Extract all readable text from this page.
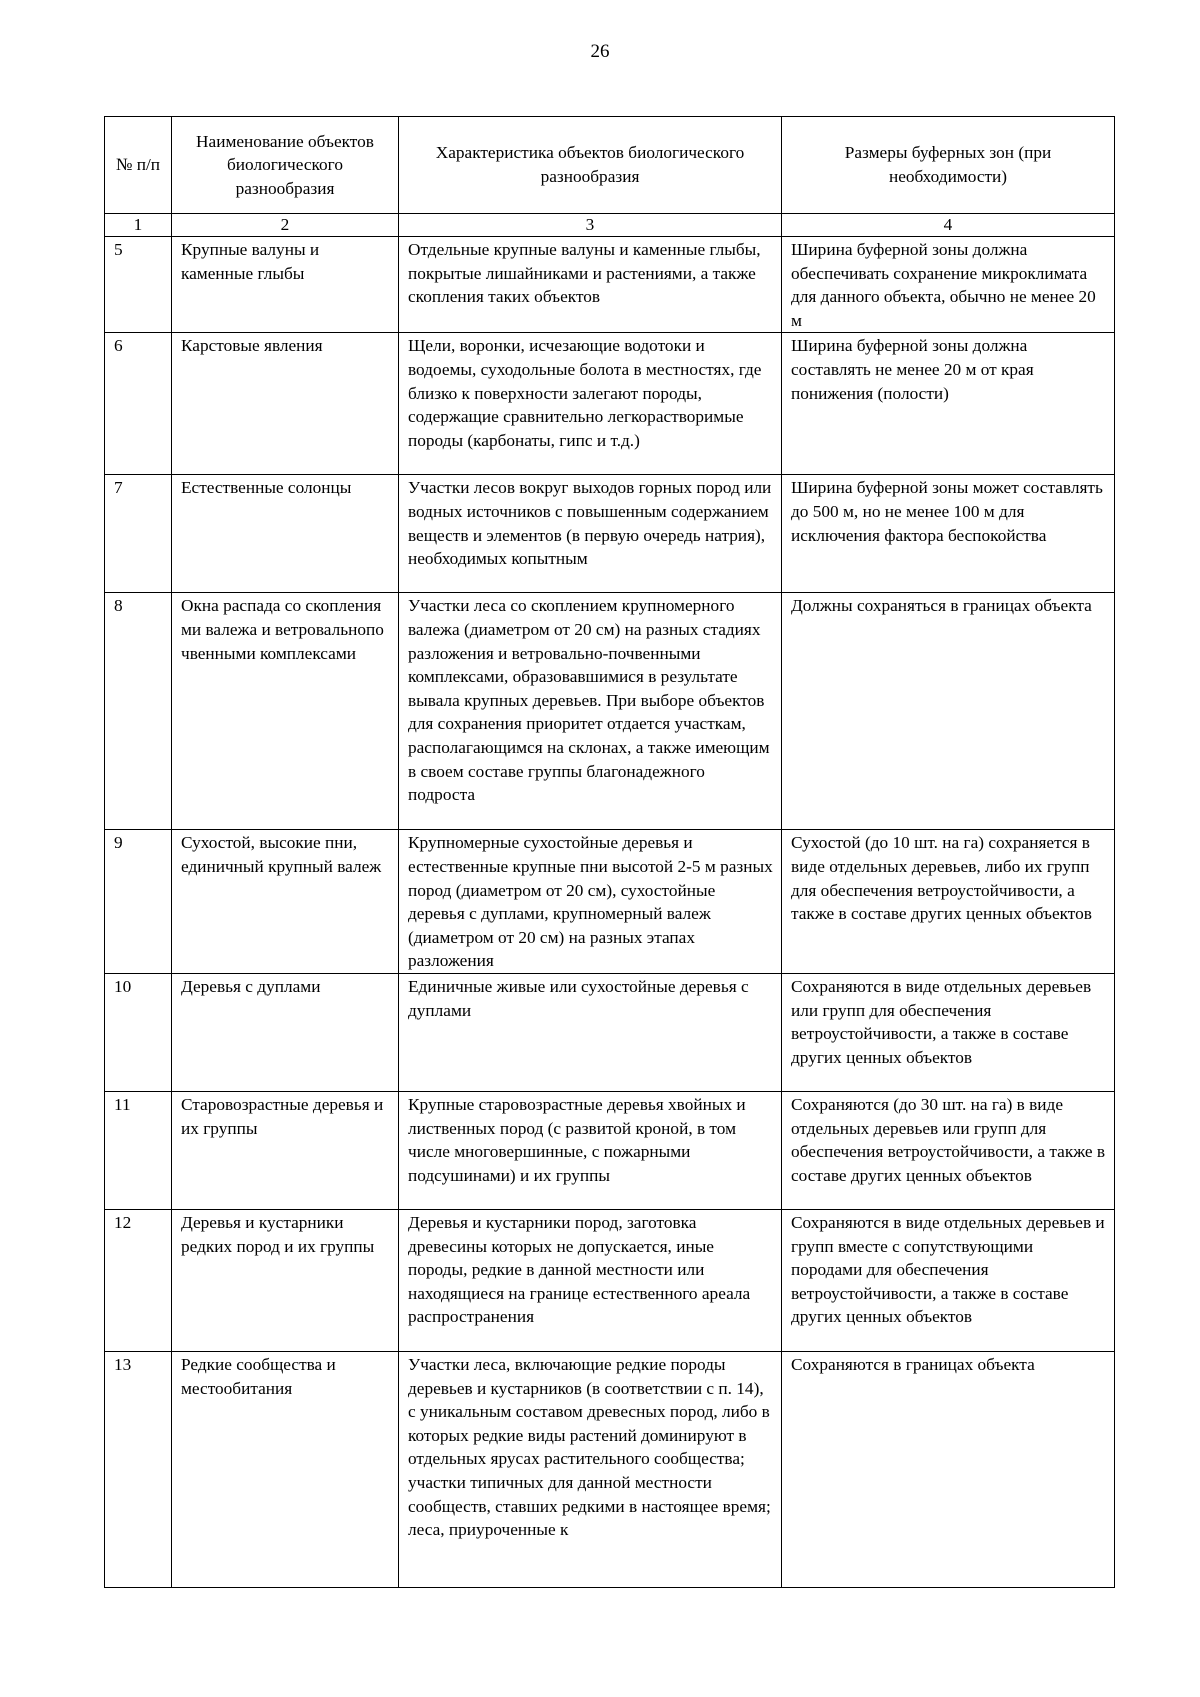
26
№ п/п	Наименование объектов биологического разнообразия	Характеристика объектов биологического разнообразия	Размеры буферных зон (при необходимости)
1	2	3	4
5	Крупные валуны и каменные глыбы	Отдельные крупные валуны и каменные глыбы, покрытые лишайниками и растениями, а также скопления таких объектов	Ширина буферной зоны должна обеспечивать сохранение микроклимата для данного объекта, обычно не менее 20 м
6	Карстовые явления	Щели, воронки, исчезающие водотоки и водоемы, суходольные болота в местностях, где близко к поверхности залегают породы, содержащие сравнительно легкорастворимые породы (карбонаты, гипс и т.д.)	Ширина буферной зоны должна составлять не менее 20 м от края понижения (полости)
7	Естественные солонцы	Участки лесов вокруг выходов горных пород или водных источников с повышенным содержанием веществ и элементов (в первую очередь натрия), необходимых копытным	Ширина буферной зоны может составлять до 500 м, но не менее 100 м для исключения фактора беспокойства
8	Окна распада со скоплениями валежа и ветровальнопочвенными комплексами	Участки леса со скоплением крупномерного валежа (диаметром от 20 см) на разных стадиях разложения и ветровально-почвенными комплексами, образовавшимися в результате вывала крупных деревьев. При выборе объектов для сохранения приоритет отдается участкам, располагающимся на склонах, а также имеющим в своем составе группы благонадежного подроста	Должны сохраняться в границах объекта
9	Сухостой, высокие пни, единичный крупный валеж	Крупномерные сухостойные деревья и естественные крупные пни высотой 2-5 м разных пород (диаметром от 20 см), сухостойные деревья с дуплами, крупномерный валеж (диаметром от 20 см) на разных этапах разложения	Сухостой (до 10 шт. на га) сохраняется в виде отдельных деревьев, либо их групп для обеспечения ветроустойчивости, а также в составе других ценных объектов
10	Деревья с дуплами	Единичные живые или сухостойные деревья с дуплами	Сохраняются в виде отдельных деревьев или групп для обеспечения ветроустойчивости, а также в составе других ценных объектов
11	Старовозрастные деревья и их группы	Крупные старовозрастные деревья хвойных и лиственных пород (с развитой кроной, в том числе многовершинные, с пожарными подсушинами) и их группы	Сохраняются (до 30 шт. на га) в виде отдельных деревьев или групп для обеспечения ветроустойчивости, а также в составе других ценных объектов
12	Деревья и кустарники редких пород и их группы	Деревья и кустарники пород, заготовка древесины которых не допускается, иные породы, редкие в данной местности или находящиеся на границе естественного ареала распространения	Сохраняются в виде отдельных деревьев и групп вместе с сопутствующими породами для обеспечения ветроустойчивости, а также в составе других ценных объектов
13	Редкие сообщества и местообитания	Участки леса, включающие редкие породы деревьев и кустарников (в соответствии с п. 14), с уникальным составом древесных пород, либо в которых редкие виды растений доминируют в отдельных ярусах растительного сообщества; участки типичных для данной местности сообществ, ставших редкими в настоящее время; леса, приуроченные к	Сохраняются в границах объекта
